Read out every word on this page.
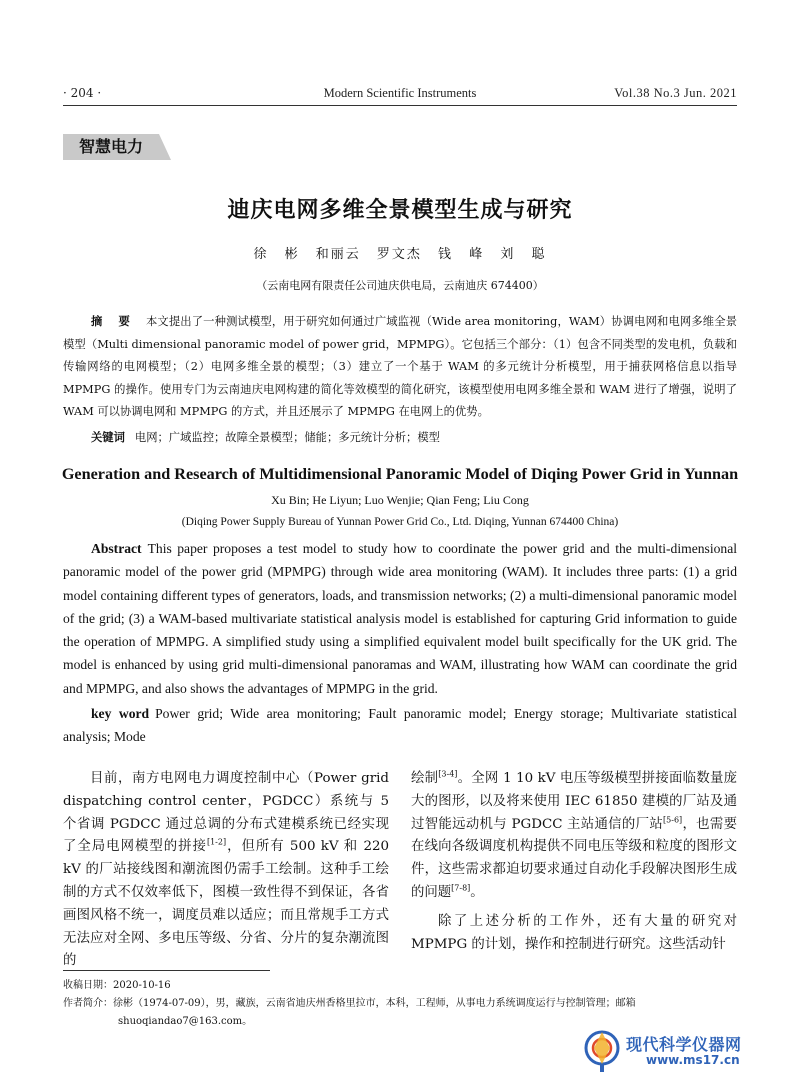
· 204 ·	Modern Scientific Instruments	Vol.38 No.3 Jun. 2021
智慧电力
迪庆电网多维全景模型生成与研究
徐 彬 和丽云 罗文杰 钱 峰 刘 聪
（云南电网有限责任公司迪庆供电局，云南迪庆 674400）
摘 要 本文提出了一种测试模型，用于研究如何通过广域监视（Wide area monitoring，WAM）协调电网和电网多维全景模型（Multi dimensional panoramic model of power grid，MPMPG）。它包括三个部分：（1）包含不同类型的发电机，负载和传输网络的电网模型；（2）电网多维全景的模型；（3）建立了一个基于 WAM 的多元统计分析模型，用于捕获网格信息以指导 MPMPG 的操作。使用专门为云南迪庆电网构建的简化等效模型的简化研究，该模型使用电网多维全景和 WAM 进行了增强，说明了 WAM 可以协调电网和 MPMPG 的方式，并且还展示了 MPMPG 在电网上的优势。
关键词 电网；广域监控；故障全景模型；储能；多元统计分析；模型
Generation and Research of Multidimensional Panoramic Model of Diqing Power Grid in Yunnan
Xu Bin; He Liyun; Luo Wenjie; Qian Feng; Liu Cong
(Diqing Power Supply Bureau of Yunnan Power Grid Co., Ltd. Diqing, Yunnan 674400 China)
Abstract This paper proposes a test model to study how to coordinate the power grid and the multi-dimensional panoramic model of the power grid (MPMPG) through wide area monitoring (WAM). It includes three parts: (1) a grid model containing different types of generators, loads, and transmission networks; (2) a multi-dimensional panoramic model of the grid; (3) a WAM-based multivariate statistical analysis model is established for capturing Grid information to guide the operation of MPMPG. A simplified study using a simplified equivalent model built specifically for the UK grid. The model is enhanced by using grid multi-dimensional panoramas and WAM, illustrating how WAM can coordinate the grid and MPMPG, and also shows the advantages of MPMPG in the grid.
key word Power grid; Wide area monitoring; Fault panoramic model; Energy storage; Multivariate statistical analysis; Mode
目前，南方电网电力调度控制中心（Power grid dispatching control center，PGDCC）系统与 5 个省调 PGDCC 通过总调的分布式建模系统已经实现了全局电网模型的拼接[1-2]，但所有 500 kV 和 220 kV 的厂站接线图和潮流图仍需手工绘制。这种手工绘制的方式不仅效率低下，图模一致性得不到保证，各省画图风格不统一，调度员难以适应；而且常规手工方式无法应对全网、多电压等级、分省、分片的复杂潮流图的
绘制[3-4]。全网 1 10 kV 电压等级模型拼接面临数量庞大的图形，以及将来使用 IEC 61850 建模的厂站及通过智能远动机与 PGDCC 主站通信的厂站[5-6]，也需要在线向各级调度机构提供不同电压等级和粒度的图形文件，这些需求都迫切要求通过自动化手段解决图形生成的问题[7-8]。
除了上述分析的工作外，还有大量的研究对 MPMPG 的计划，操作和控制进行研究。这些活动针
收稿日期：2020-10-16
作者简介：徐彬（1974-07-09），男，藏族，云南省迪庆州香格里拉市，本科，工程师，从事电力系统调度运行与控制管理；邮箱
shuoqiandao7@163.com。
现代科学仪器网
www.ms17.cn
